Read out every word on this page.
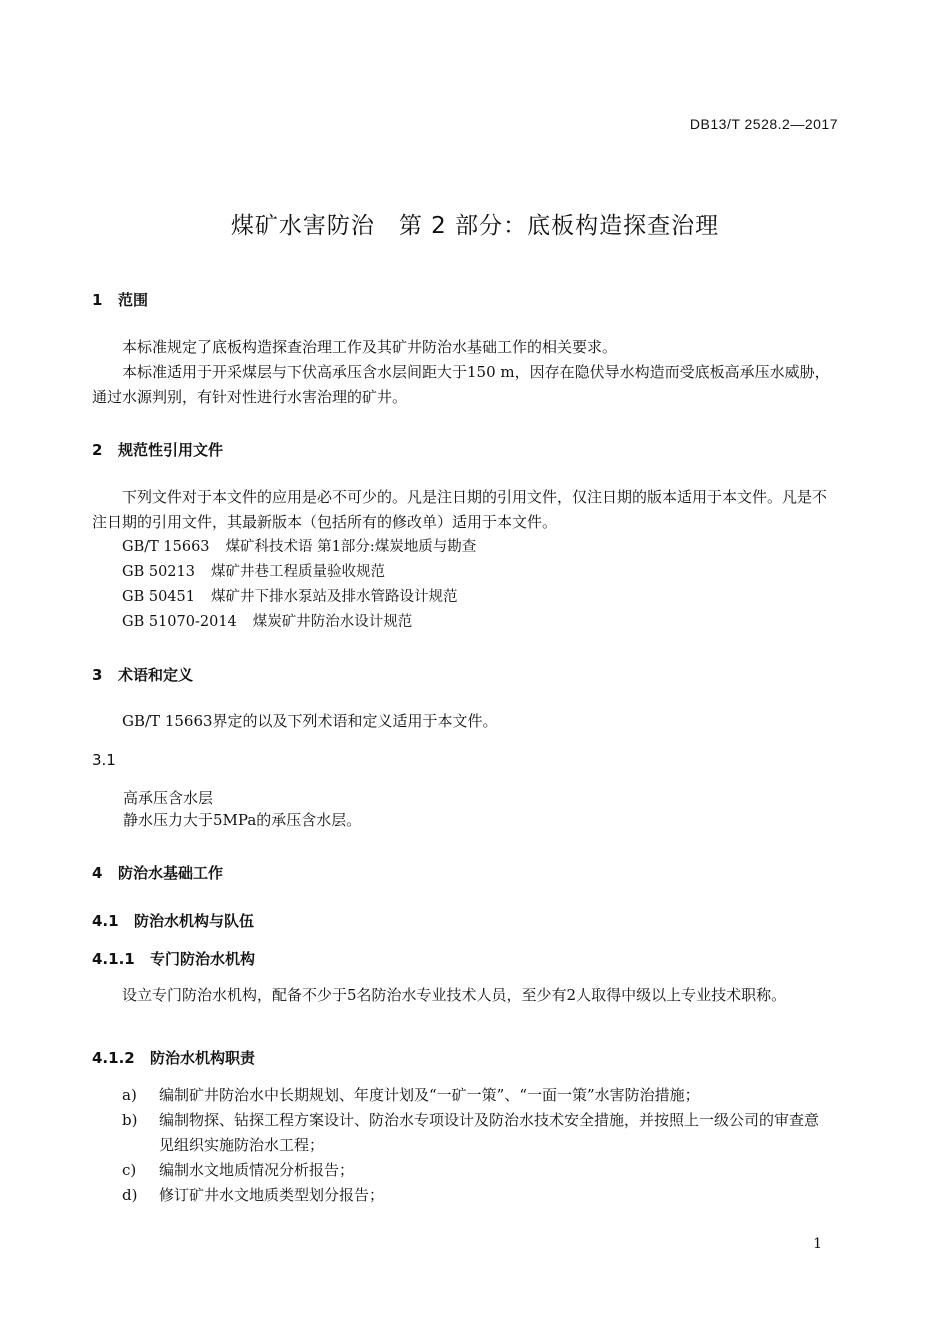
DB13/T 2528.2—2017
煤矿水害防治　第 2 部分：底板构造探查治理
1 范围
本标准规定了底板构造探查治理工作及其矿井防治水基础工作的相关要求。
本标准适用于开采煤层与下伏高承压含水层间距大于150 m，因存在隐伏导水构造而受底板高承压水威胁，通过水源判别，有针对性进行水害治理的矿井。
2 规范性引用文件
下列文件对于本文件的应用是必不可少的。凡是注日期的引用文件，仅注日期的版本适用于本文件。凡是不注日期的引用文件，其最新版本（包括所有的修改单）适用于本文件。
GB/T 15663 煤矿科技术语 第1部分:煤炭地质与勘查
GB 50213 煤矿井巷工程质量验收规范
GB 50451 煤矿井下排水泵站及排水管路设计规范
GB 51070-2014 煤炭矿井防治水设计规范
3 术语和定义
GB/T 15663界定的以及下列术语和定义适用于本文件。
3.1
高承压含水层
静水压力大于5MPa的承压含水层。
4 防治水基础工作
4.1 防治水机构与队伍
4.1.1 专门防治水机构
设立专门防治水机构，配备不少于5名防治水专业技术人员，至少有2人取得中级以上专业技术职称。
4.1.2 防治水机构职责
a) 编制矿井防治水中长期规划、年度计划及“一矿一策”、“一面一策”水害防治措施；
b) 编制物探、钻探工程方案设计、防治水专项设计及防治水技术安全措施，并按照上一级公司的审查意见组织实施防治水工程；
c) 编制水文地质情况分析报告；
d) 修订矿井水文地质类型划分报告；
1
